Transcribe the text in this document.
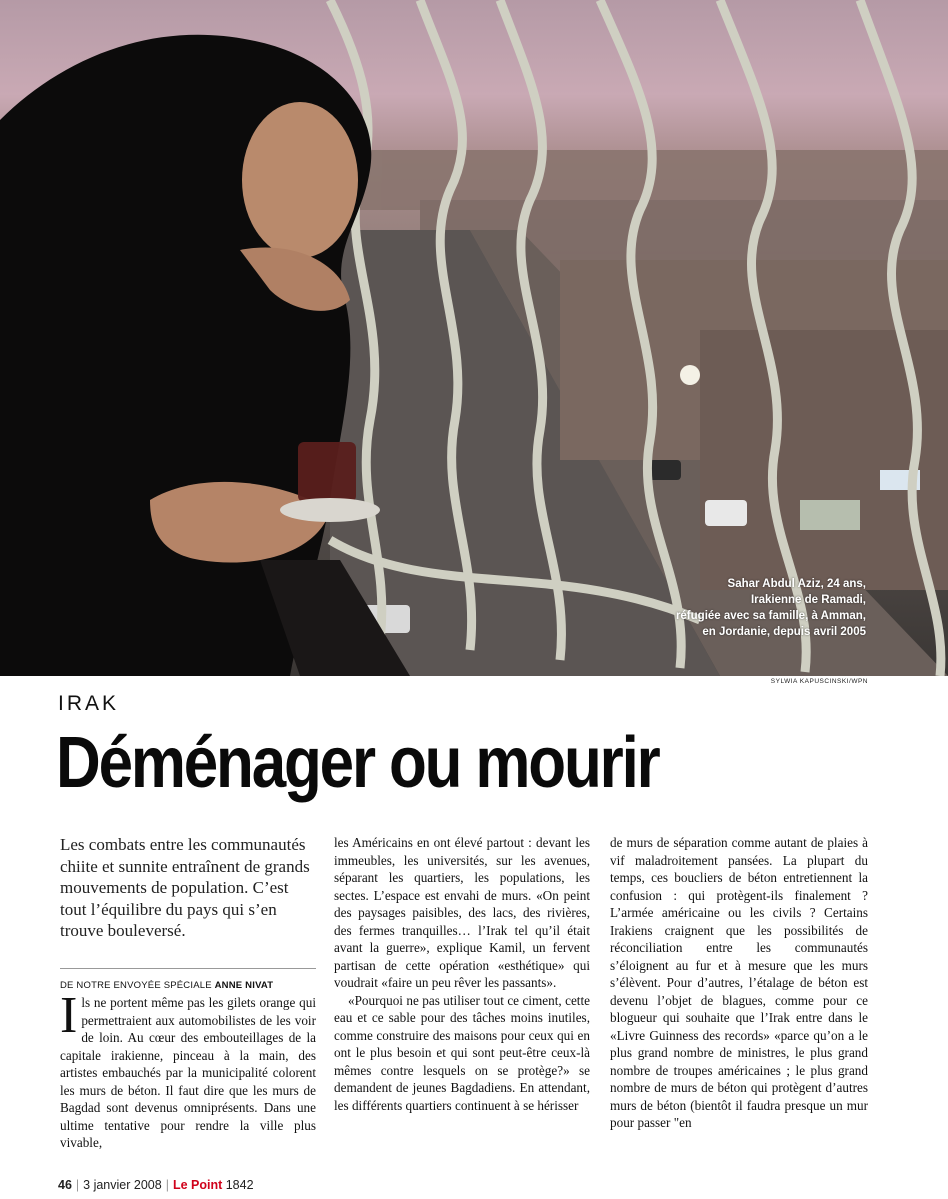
Sahar Abdul Aziz, 24 ans,
Irakienne de Ramadi,
réfugiée avec sa famille, à Amman,
en Jordanie, depuis avril 2005
SYLWIA KAPUSCINSKI/WPN
IRAK
Déménager ou mourir

Les combats entre les communautés chiite et sunnite entraînent de grands mouvements de population. C’est tout l’équilibre du pays qui s’en trouve bouleversé.

DE NOTRE ENVOYÉE SPÉCIALE ANNE NIVAT

Ils ne portent même pas les gilets orange qui permettraient aux automobilistes de les voir de loin. Au cœur des embouteillages de la capitale irakienne, pinceau à la main, des artistes embauchés par la municipalité colorent les murs de béton. Il faut dire que les murs de Bagdad sont devenus omniprésents. Dans une ultime tentative pour rendre la ville plus vivable,

les Américains en ont élevé partout : devant les immeubles, les universités, sur les avenues, séparant les quartiers, les populations, les sectes. L’espace est envahi de murs. «On peint des paysages paisibles, des lacs, des rivières, des fermes tranquilles… l’Irak tel qu’il était avant la guerre», explique Kamil, un fervent partisan de cette opération «esthétique» qui voudrait «faire un peu rêver les passants».

«Pourquoi ne pas utiliser tout ce ciment, cette eau et ce sable pour des tâches moins inutiles, comme construire des maisons pour ceux qui en ont le plus besoin et qui sont peut-être ceux-là mêmes contre lesquels on se protège?» se demandent de jeunes Bagdadiens. En attendant, les différents quartiers continuent à se hérisser

de murs de séparation comme autant de plaies à vif maladroitement pansées. La plupart du temps, ces boucliers de béton entretiennent la confusion : qui protègent-ils finalement ? L’armée américaine ou les civils ? Certains Irakiens craignent que les possibilités de réconciliation entre les communautés s’éloignent au fur et à mesure que les murs s’élèvent. Pour d’autres, l’étalage de béton est devenu l’objet de blagues, comme pour ce blogueur qui souhaite que l’Irak entre dans le «Livre Guinness des records» «parce qu’on a le plus grand nombre de ministres, le plus grand nombre de troupes américaines ; le plus grand nombre de murs de béton qui protègent d’autres murs de béton (bientôt il faudra presque un mur pour passer "en

46 | 3 janvier 2008 | Le Point 1842
